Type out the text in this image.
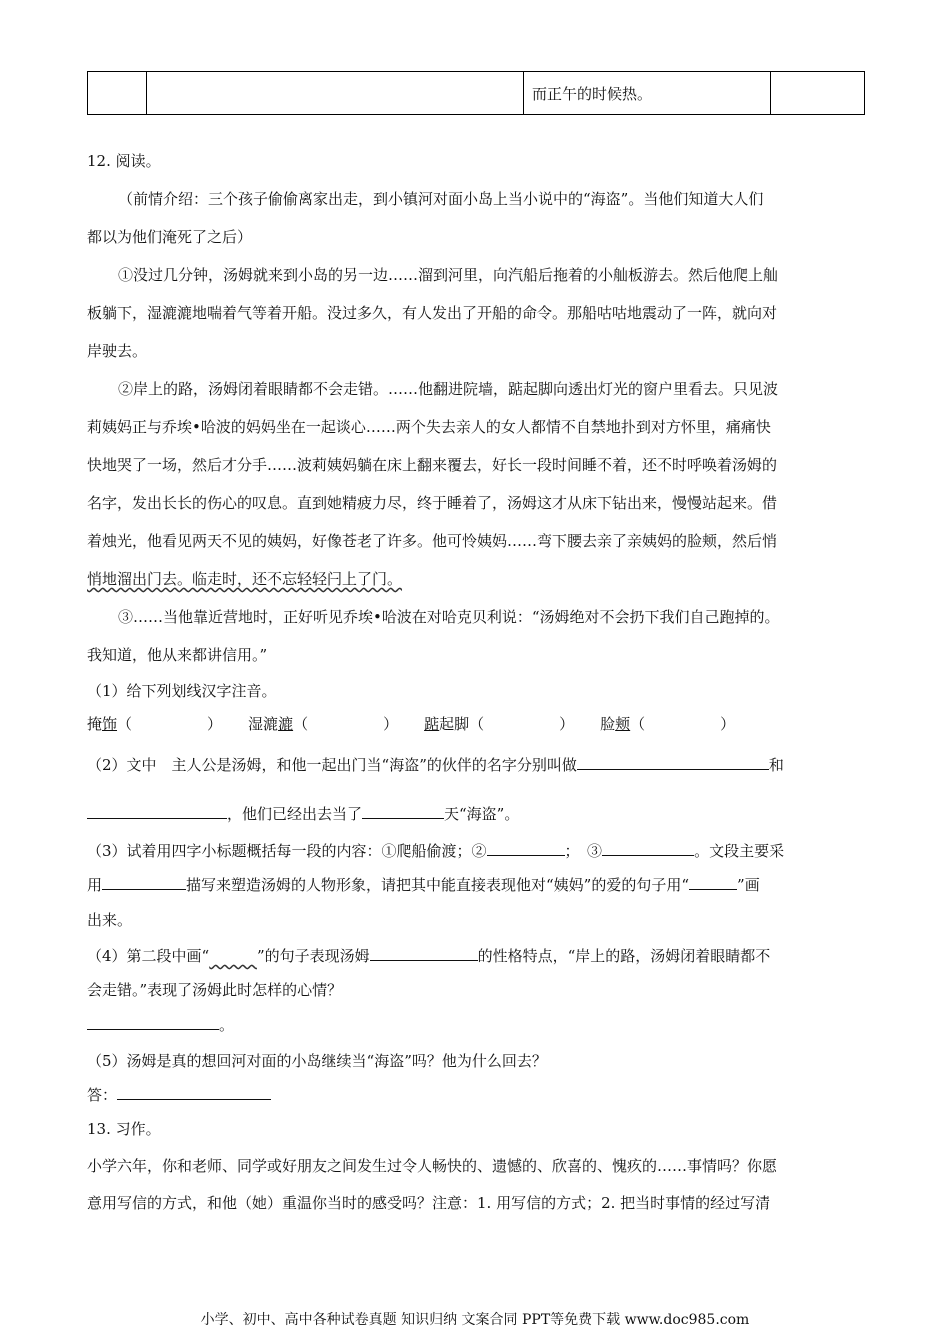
		而正午的时候热。	
12. 阅读。
（前情介绍：三个孩子偷偷离家出走，到小镇河对面小岛上当小说中的“海盗”。当他们知道大人们
都以为他们淹死了之后）
①没过几分钟，汤姆就来到小岛的另一边……溜到河里，向汽船后拖着的小舢板游去。然后他爬上舢
板躺下，湿漉漉地喘着气等着开船。没过多久，有人发出了开船的命令。那船咕咕地震动了一阵，就向对
岸驶去。
②岸上的路，汤姆闭着眼睛都不会走错。……他翻进院墙，踮起脚向透出灯光的窗户里看去。只见波
莉姨妈正与乔埃•哈波的妈妈坐在一起谈心……两个失去亲人的女人都情不自禁地扑到对方怀里，痛痛快
快地哭了一场，然后才分手……波莉姨妈躺在床上翻来覆去，好长一段时间睡不着，还不时呼唤着汤姆的
名字，发出长长的伤心的叹息。直到她精疲力尽，终于睡着了，汤姆这才从床下钻出来，慢慢站起来。借
着烛光，他看见两天不见的姨妈，好像苍老了许多。他可怜姨妈……弯下腰去亲了亲姨妈的脸颊，然后悄
悄地溜出门去。临走时，还不忘轻轻闩上了门。
③……当他靠近营地时，正好听见乔埃•哈波在对哈克贝利说：“汤姆绝对不会扔下我们自己跑掉的。
我知道，他从来都讲信用。”
（1）给下列划线汉字注音。
掩饰（　　　　　） 湿漉漉（　　　　　） 踮起脚（　　　　　） 脸颊（　　　　　）
（2）文中　主人公是汤姆，和他一起出门当“海盗”的伙伴的名字分别叫做	和
，他们已经出去当了	天“海盗”。
（3）试着用四字小标题概括每一段的内容：①爬船偷渡；②	；　③	。文段主要采
用	描写来塑造汤姆的人物形象，请把其中能直接表现他对“姨妈”的爱的句子用“	”画
出来。
（4）第二段中画“     	”的句子表现汤姆	的性格特点，“岸上的路，汤姆闭着眼睛都不
会走错。”表现了汤姆此时怎样的心情？
。
（5）汤姆是真的想回河对面的小岛继续当“海盗”吗？他为什么回去？
答：
13. 习作。
小学六年，你和老师、同学或好朋友之间发生过令人畅快的、遗憾的、欣喜的、愧疚的……事情吗？你愿
意用写信的方式，和他（她）重温你当时的感受吗？注意：1. 用写信的方式；2. 把当时事情的经过写清
小学、初中、高中各种试卷真题 知识归纳 文案合同 PPT等免费下载 www.doc985.com
